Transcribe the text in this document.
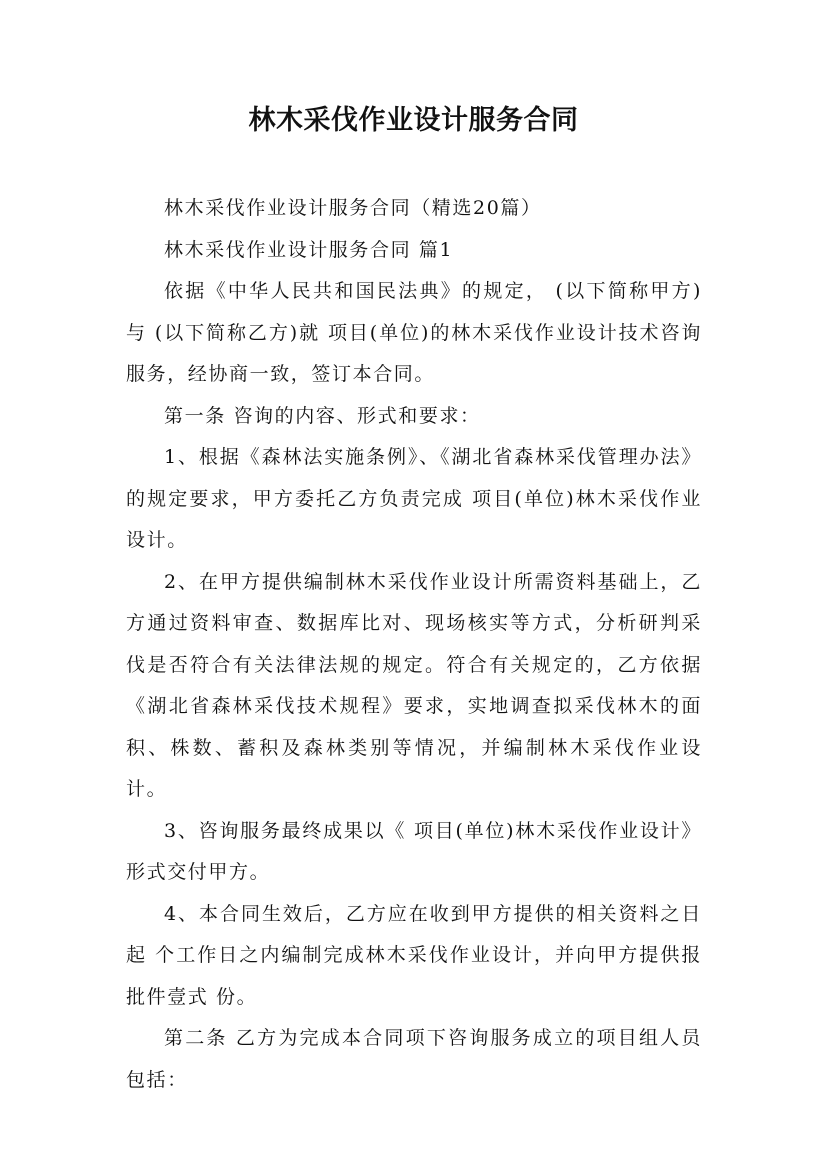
林木采伐作业设计服务合同

林木采伐作业设计服务合同（精选20篇）

林木采伐作业设计服务合同 篇1

依据《中华人民共和国民法典》的规定， (以下简称甲方)与 (以下简称乙方)就 项目(单位)的林木采伐作业设计技术咨询服务，经协商一致，签订本合同。

第一条 咨询的内容、形式和要求：

1、根据《森林法实施条例》、《湖北省森林采伐管理办法》的规定要求，甲方委托乙方负责完成 项目(单位)林木采伐作业设计。

2、在甲方提供编制林木采伐作业设计所需资料基础上，乙方通过资料审查、数据库比对、现场核实等方式，分析研判采伐是否符合有关法律法规的规定。符合有关规定的，乙方依据《湖北省森林采伐技术规程》要求，实地调查拟采伐林木的面积、株数、蓄积及森林类别等情况，并编制林木采伐作业设计。

3、咨询服务最终成果以《 项目(单位)林木采伐作业设计》形式交付甲方。

4、本合同生效后，乙方应在收到甲方提供的相关资料之日起 个工作日之内编制完成林木采伐作业设计，并向甲方提供报批件壹式 份。

第二条 乙方为完成本合同项下咨询服务成立的项目组人员包括：
